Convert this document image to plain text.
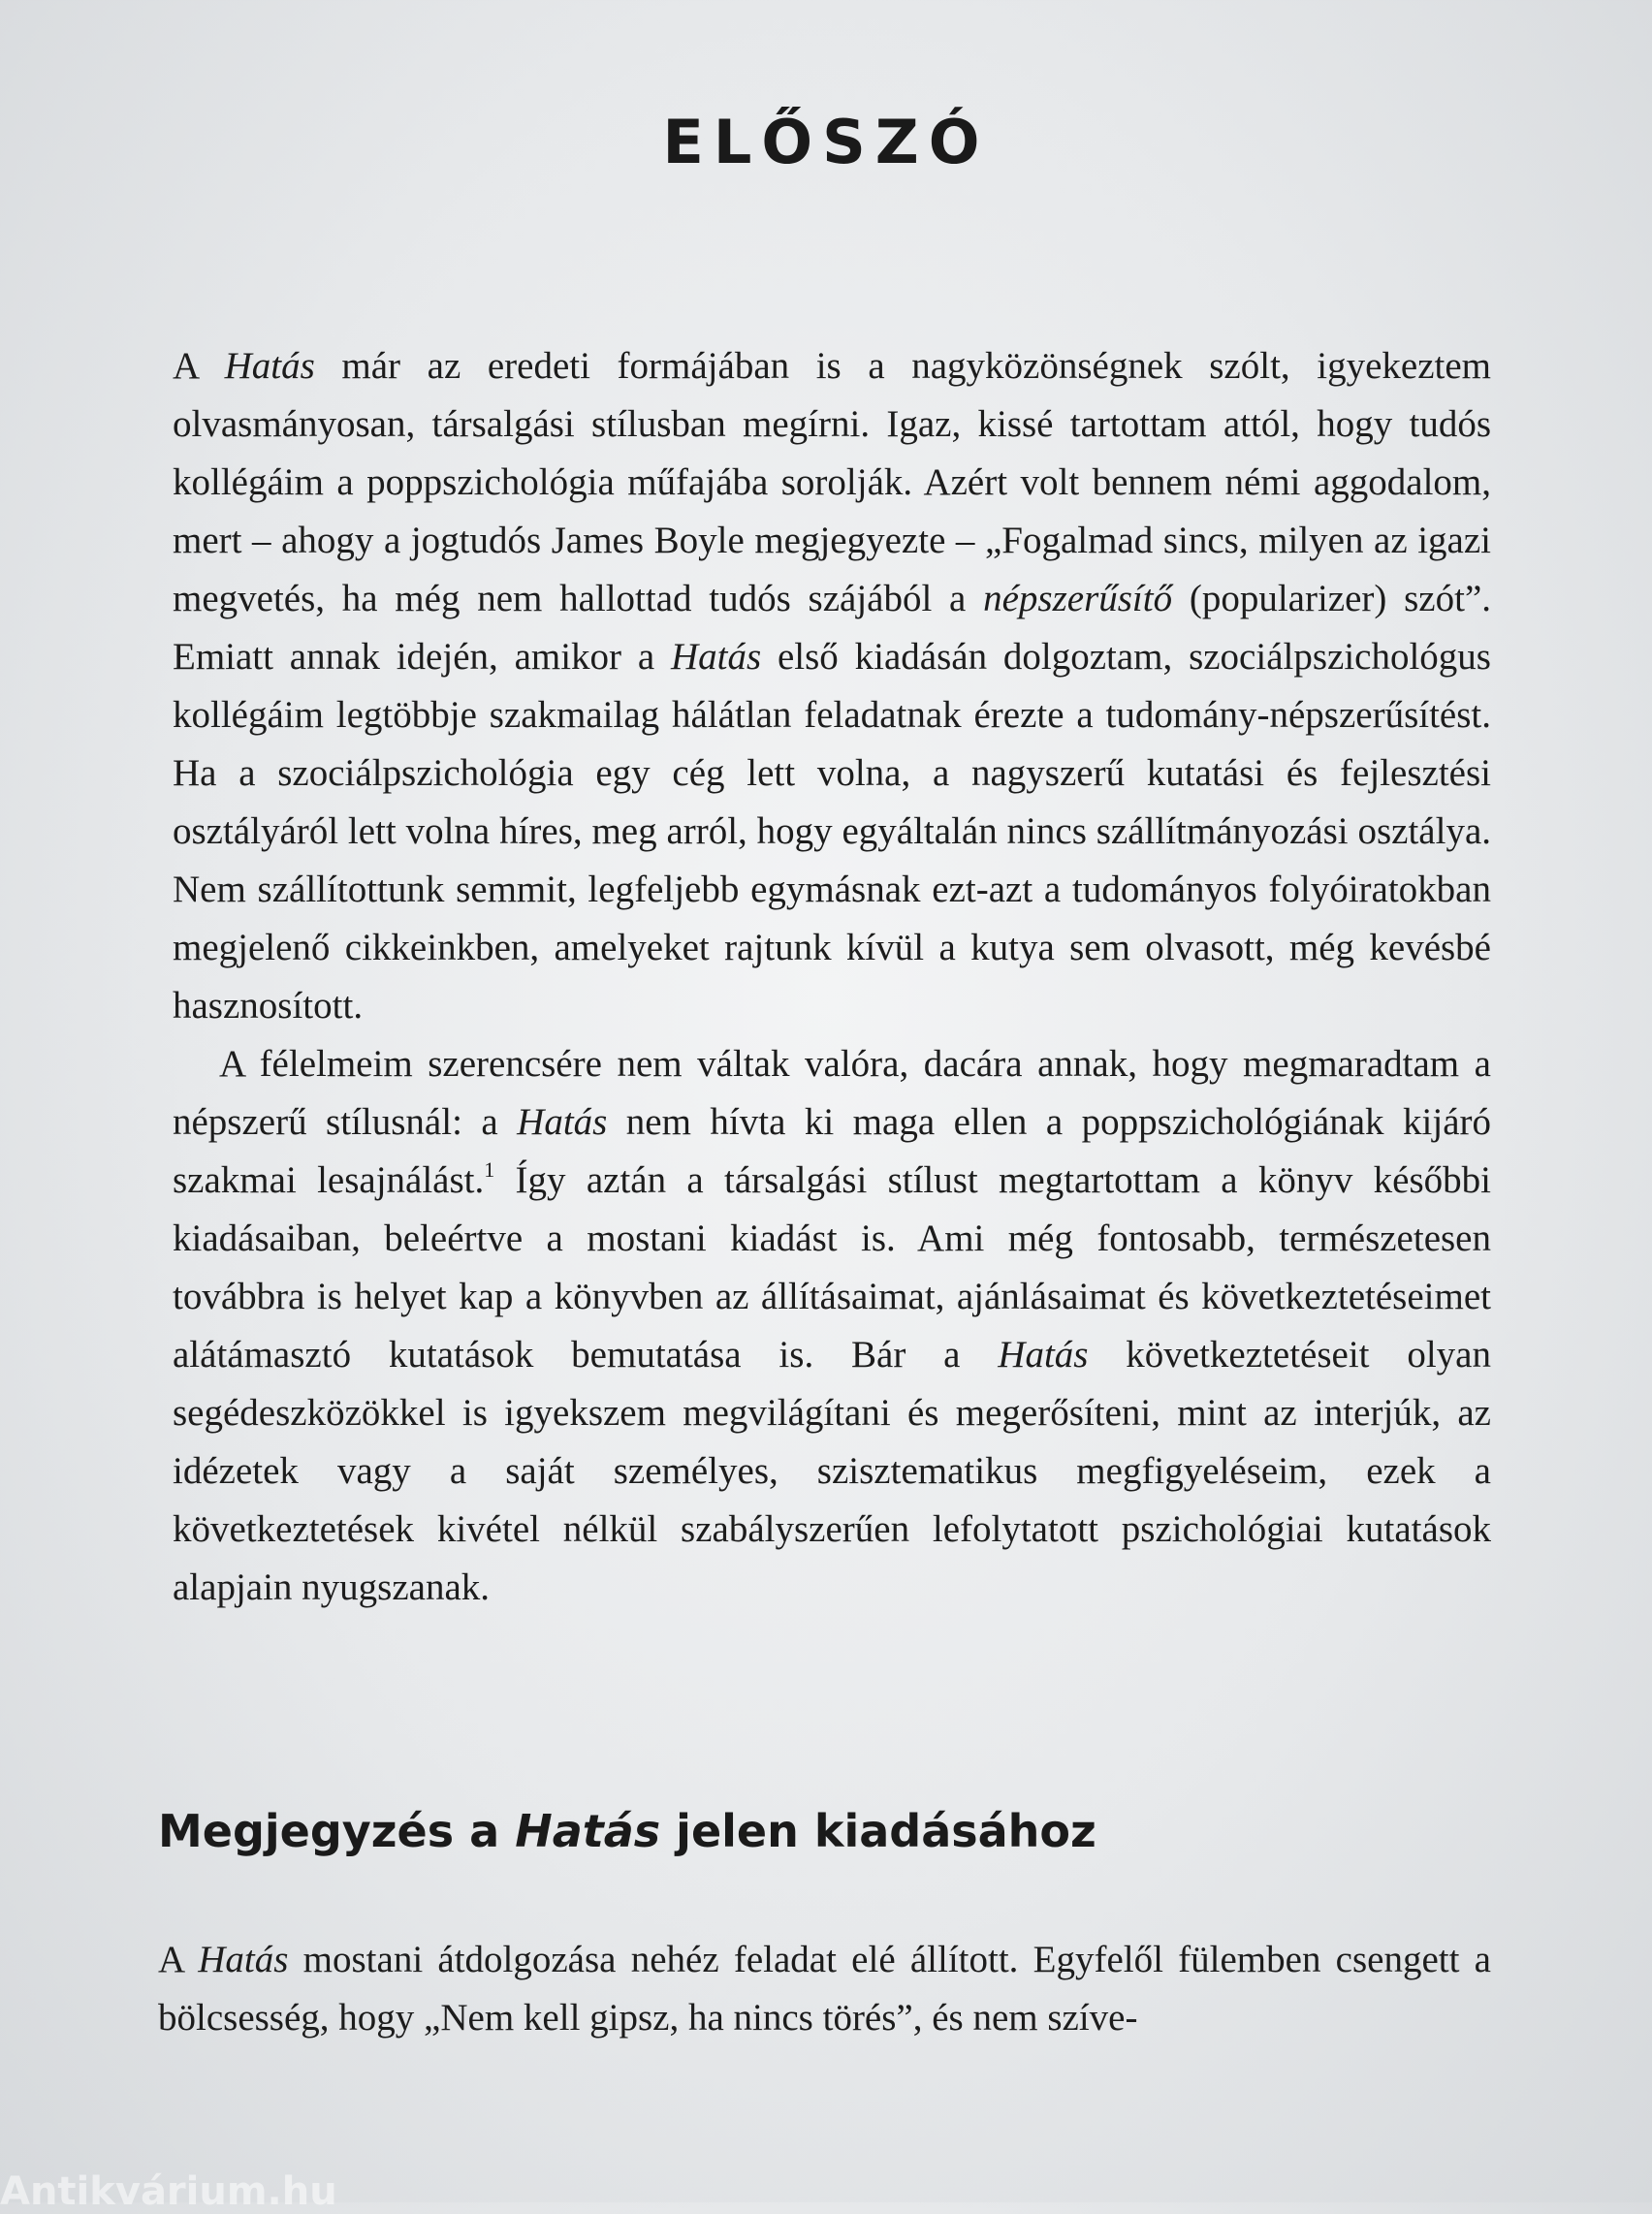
ELŐSZÓ

A Hatás már az eredeti formájában is a nagyközönségnek szólt, igyekeztem olvasmányosan, társalgási stílusban megírni. Igaz, kissé tartottam attól, hogy tudós kollégáim a poppszichológia műfajába sorolják. Azért volt bennem némi aggodalom, mert – ahogy a jogtudós James Boyle megjegyezte – „Fogalmad sincs, milyen az igazi megvetés, ha még nem hallottad tudós szájából a népszerűsítő (popularizer) szót”. Emiatt annak idején, amikor a Hatás első kiadásán dolgoztam, szociálpszichológus kollégáim legtöbbje szakmailag hálátlan feladatnak érezte a tudomány-népszerűsítést. Ha a szociálpszichológia egy cég lett volna, a nagyszerű kutatási és fejlesztési osztályáról lett volna híres, meg arról, hogy egyáltalán nincs szállítmányozási osztálya. Nem szállítottunk semmit, legfeljebb egymásnak ezt-azt a tudományos folyóiratokban megjelenő cikkeinkben, amelyeket rajtunk kívül a kutya sem olvasott, még kevésbé hasznosított.

A félelmeim szerencsére nem váltak valóra, dacára annak, hogy megmaradtam a népszerű stílusnál: a Hatás nem hívta ki maga ellen a poppszichológiának kijáró szakmai lesajnálást.$^1$ Így aztán a társalgási stílust megtartottam a könyv későbbi kiadásaiban, beleértve a mostani kiadást is. Ami még fontosabb, természetesen továbbra is helyet kap a könyvben az állításaimat, ajánlásaimat és következtetéseimet alátámasztó kutatások bemutatása is. Bár a Hatás következtetéseit olyan segédeszközökkel is igyekszem megvilágítani és megerősíteni, mint az interjúk, az idézetek vagy a saját személyes, szisztematikus megfigyeléseim, ezek a következtetések kivétel nélkül szabályszerűen lefolytatott pszichológiai kutatások alapjain nyugszanak.

Megjegyzés a Hatás jelen kiadásához

A Hatás mostani átdolgozása nehéz feladat elé állított. Egyfelől fülemben csengett a bölcsesség, hogy „Nem kell gipsz, ha nincs törés”, és nem szíve-

Antikvárium.hu
